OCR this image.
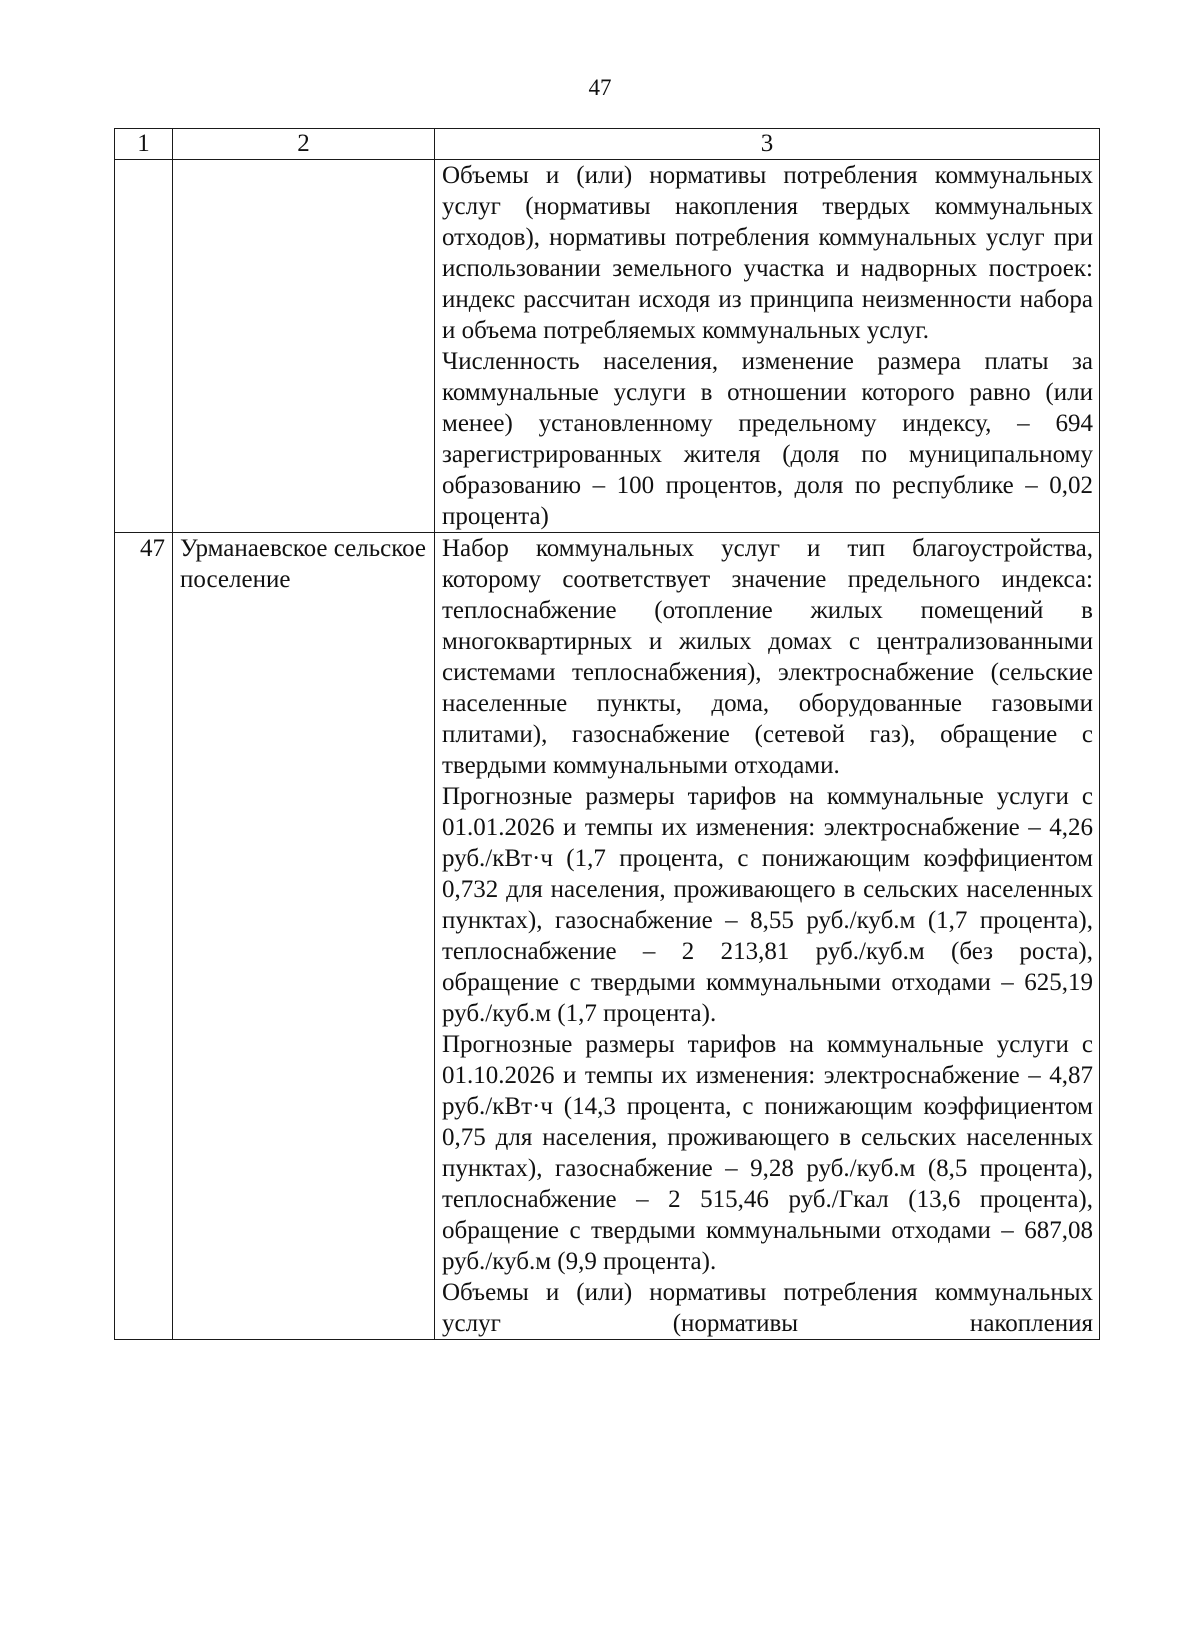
47
1	2	3

		Объемы и (или) нормативы потребления коммунальных услуг (нормативы накопления твердых коммунальных отходов), нормативы потребления коммунальных услуг при использовании земельного участка и надворных построек: индекс рассчитан исходя из принципа неизменности набора и объема потребляемых коммунальных услуг.
Численность населения, изменение размера платы за коммунальные услуги в отношении которого равно (или менее) установленному предельному индексу, – 694 зарегистрированных жителя (доля по муниципальному образованию – 100 процентов, доля по республике – 0,02 процента)

47	Урманаевское сельское поселение	Набор коммунальных услуг и тип благоустройства, которому соответствует значение предельного индекса: теплоснабжение (отопление жилых помещений в многоквартирных и жилых домах с централизованными системами теплоснабжения), электроснабжение (сельские населенные пункты, дома, оборудованные газовыми плитами), газоснабжение (сетевой газ), обращение с твердыми коммунальными отходами.
Прогнозные размеры тарифов на коммунальные услуги с 01.01.2026 и темпы их изменения: электроснабжение – 4,26 руб./кВт·ч (1,7 процента, с понижающим коэффициентом 0,732 для населения, проживающего в сельских населенных пунктах), газоснабжение – 8,55 руб./куб.м (1,7 процента), теплоснабжение – 2 213,81 руб./куб.м (без роста), обращение с твердыми коммунальными отходами – 625,19 руб./куб.м (1,7 процента).
Прогнозные размеры тарифов на коммунальные услуги с 01.10.2026 и темпы их изменения: электроснабжение – 4,87 руб./кВт·ч (14,3 процента, с понижающим коэффициентом 0,75 для населения, проживающего в сельских населенных пунктах), газоснабжение – 9,28 руб./куб.м (8,5 процента), теплоснабжение – 2 515,46 руб./Гкал (13,6 процента), обращение с твердыми коммунальными отходами – 687,08 руб./куб.м (9,9 процента).
Объемы и (или) нормативы потребления коммунальных услуг (нормативы накопления
